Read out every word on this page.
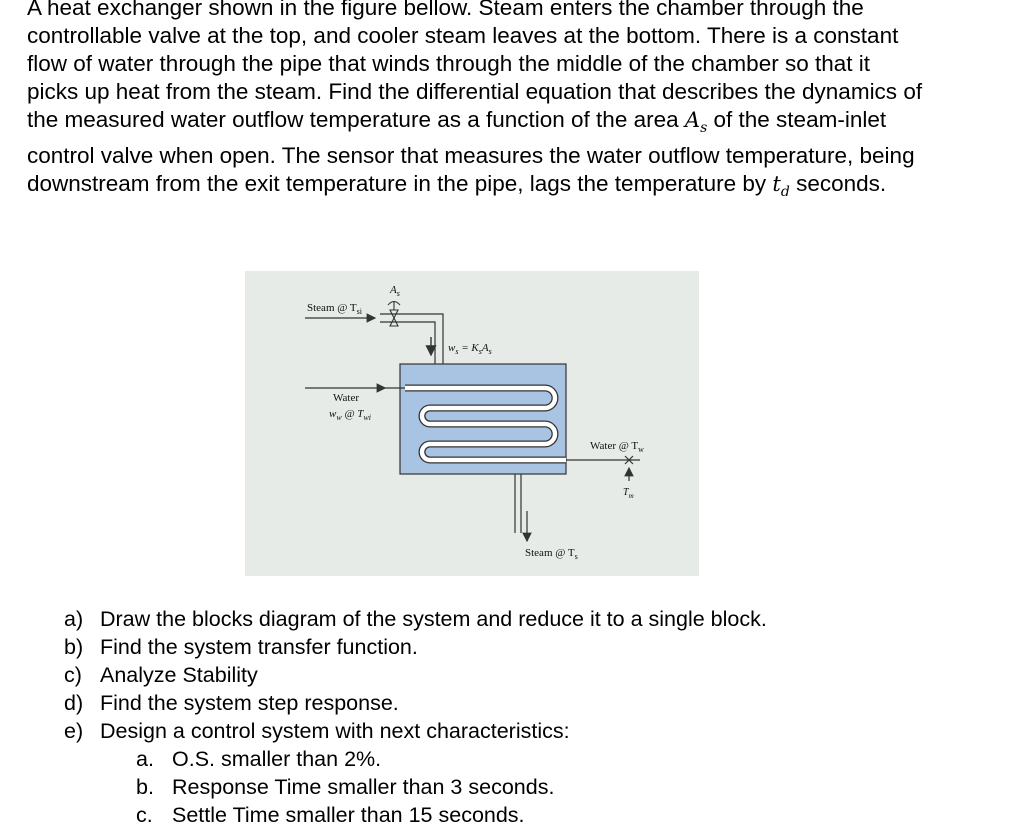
A heat exchanger shown in the figure bellow. Steam enters the chamber through the controllable valve at the top, and cooler steam leaves at the bottom. There is a constant flow of water through the pipe that winds through the middle of the chamber so that it picks up heat from the steam. Find the differential equation that describes the dynamics of the measured water outflow temperature as a function of the area $A_s$ of the steam-inlet control valve when open. The sensor that measures the water outflow temperature, being downstream from the exit temperature in the pipe, lags the temperature by $t_d$ seconds.

Steam @ $T_{si}$
$A_s$
$w_s = K_sA_s$
Water
$w_w$ @ $T_{wi}$
Water @ $T_w$
$T_m$
Steam @ $T_s$
a) Draw the blocks diagram of the system and reduce it to a single block.
b) Find the system transfer function.
c) Analyze Stability
d) Find the system step response.
e) Design a control system with next characteristics:
a. O.S. smaller than 2%.
b. Response Time smaller than 3 seconds.
c. Settle Time smaller than 15 seconds.
